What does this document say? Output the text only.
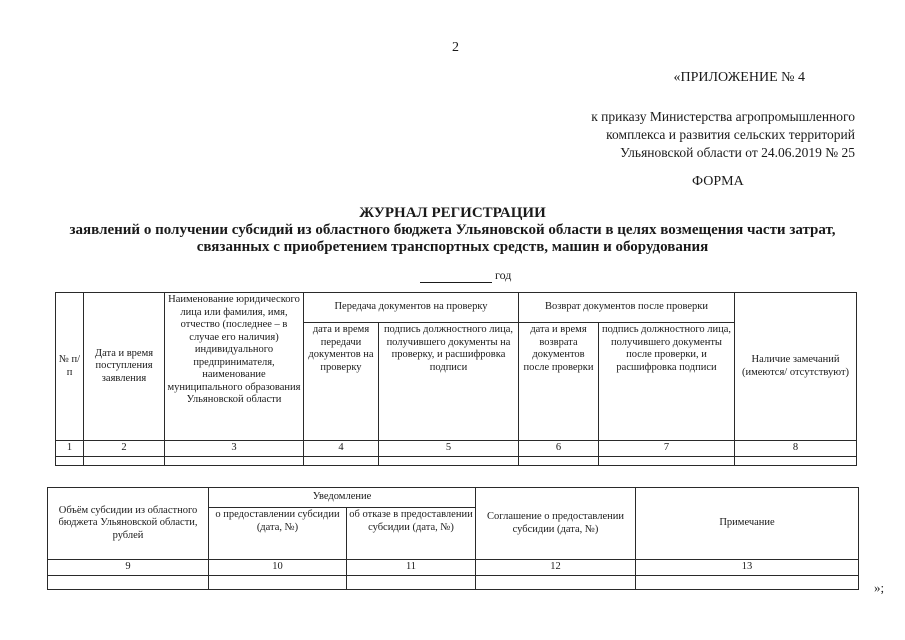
2
«ПРИЛОЖЕНИЕ № 4
к приказу Министерства агропромышленного
комплекса и развития сельских территорий
Ульяновской области от 24.06.2019 № 25
ФОРМА
ЖУРНАЛ РЕГИСТРАЦИИ
заявлений о получении субсидий из областного бюджета Ульяновской области в целях возмещения части затрат,
связанных с приобретением транспортных средств, машин и оборудования
год
№ п/п	Дата и время поступления заявления	Наименование юридического лица или фамилия, имя, отчество (последнее – в случае его наличия) индивидуального предпринимателя, наименование муниципального образования Ульяновской области	Передача документов на проверку		Возврат документов после проверки		Наличие замечаний (имеются/ отсутствуют)
			дата и время передачи документов на проверку	подпись должностного лица, получившего документы на проверку, и расшифровка подписи	дата и время возврата документов после проверки	подпись должностного лица, получившего документы после проверки, и расшифровка подписи	
1	2	3	4	5	6	7	8

Объём субсидии из областного бюджета Ульяновской области, рублей	Уведомление		Соглашение о предоставлении субсидии (дата, №)	Примечание
	о предоставлении субсидии (дата, №)	об отказе в предоставлении субсидии (дата, №)		
9	10	11	12	13

»;
